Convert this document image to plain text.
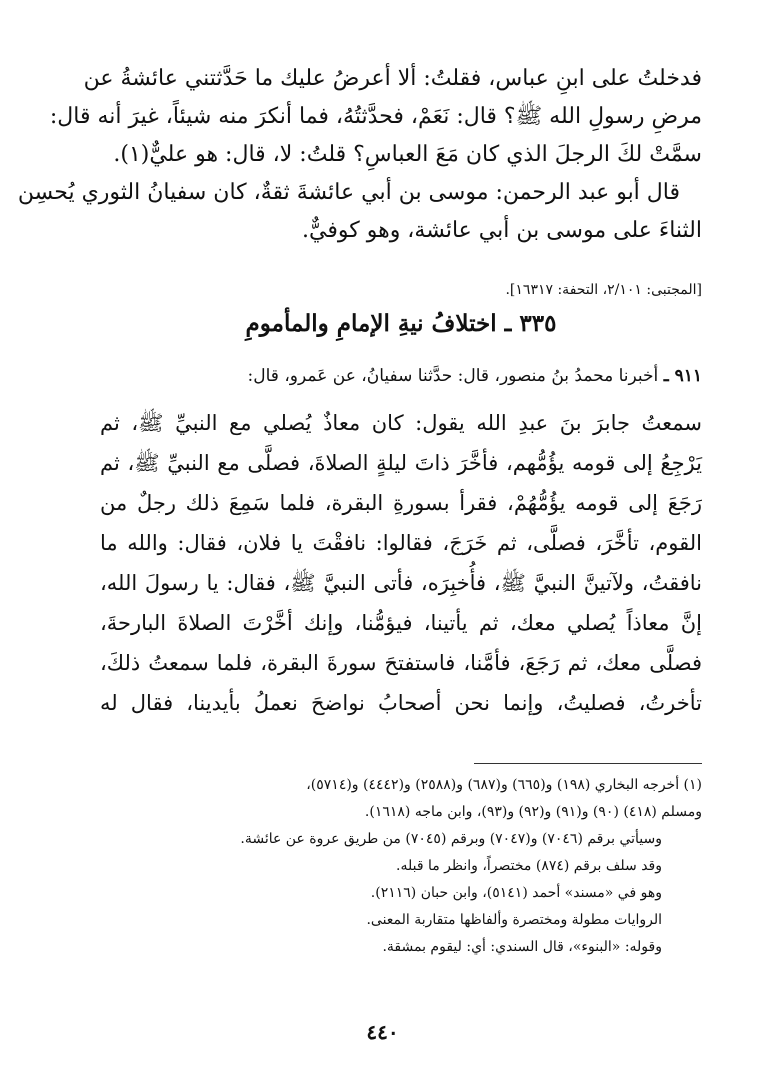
فدخلتُ على ابنِ عباس، فقلتُ: ألا أعرضُ عليك ما حَدَّثتني عائشةُ عن
مرضِ رسولِ الله ﷺ؟ قال: نَعَمْ، فحدَّثتُهُ، فما أنكرَ منه شيئاً، غيرَ أنه قال:
سمَّتْ لكَ الرجلَ الذي كان مَعَ العباسِ؟ قلتُ: لا، قال: هو عليٌّ(١).
قال أبو عبد الرحمن: موسى بن أبي عائشةَ ثقةٌ، كان سفيانُ الثوري يُحسِن
الثناءَ على موسى بن أبي عائشة، وهو كوفيٌّ.
[المجتبى: ٢/١٠١، التحفة: ١٦٣١٧].
٣٣٥ ـ اختلافُ نيةِ الإمامِ والمأمومِ
٩١١ ـ أخبرنا محمدُ بنُ منصور، قال: حدَّثنا سفيانُ، عن عَمرو، قال:
سمعتُ جابرَ بنَ عبدِ الله يقول: كان معاذٌ يُصلي مع النبيِّ ﷺ، ثم
يَرْجِعُ إلى قومه يؤُمُّهم، فأخَّرَ ذاتَ ليلةٍ الصلاةَ، فصلَّى مع النبيِّ ﷺ، ثم
رَجَعَ إلى قومه يؤُمُّهُمْ، فقرأ بسورةِ البقرة، فلما سَمِعَ ذلك رجلٌ من
القوم، تأخَّرَ، فصلَّى، ثم خَرَجَ، فقالوا: نافقْتَ يا فلان، فقال: والله ما
نافقتُ، ولآتينَّ النبيَّ ﷺ، فأُخبِرَه، فأتى النبيَّ ﷺ، فقال: يا رسولَ الله،
إنَّ معاذاً يُصلي معك، ثم يأتينا، فيؤمُّنا، وإنك أخَّرْتَ الصلاةَ البارحةَ،
فصلَّى معك، ثم رَجَعَ، فأمَّنا، فاستفتحَ سورةَ البقرة، فلما سمعتُ ذلكَ،
تأخرتُ، فصليتُ، وإنما نحن أصحابُ نواضحَ نعملُ بأيدينا، فقال له
(١) أخرجه البخاري (١٩٨) و(٦٦٥) و(٦٨٧) و(٢٥٨٨) و(٤٤٤٢) و(٥٧١٤)،
ومسلم (٤١٨) (٩٠) و(٩١) و(٩٢) و(٩٣)، وابن ماجه (١٦١٨).
وسيأتي برقم (٧٠٤٦) و(٧٠٤٧) وبرقم (٧٠٤٥) من طريق عروة عن عائشة.
وقد سلف برقم (٨٧٤) مختصراً، وانظر ما قبله.
وهو في «مسند» أحمد (٥١٤١)، وابن حبان (٢١١٦).
الروايات مطولة ومختصرة وألفاظها متقاربة المعنى.
وقوله: «البنوء»، قال السندي: أي: ليقوم بمشقة.
٤٤٠
